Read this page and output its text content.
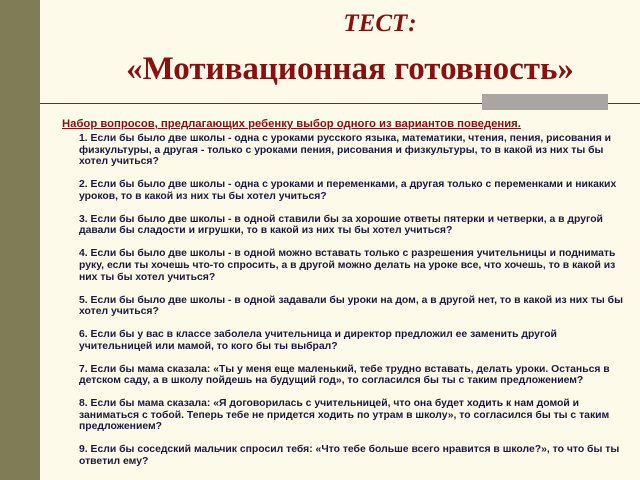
ТЕСТ:
«Мотивационная готовность»

Набор вопросов, предлагающих ребенку выбор одного из вариантов поведения.

1. Если бы было две школы - одна с уроками русского языка, математики, чтения, пения, рисования и физкультуры, а другая - только с уроками пения, рисования и физкультуры, то в какой из них ты бы хотел учиться?
2. Если бы было две школы - одна с уроками и переменками, а другая только с переменками и никаких уроков, то в какой из них ты бы хотел учиться?
3. Если бы было две школы - в одной ставили бы за хорошие ответы пятерки и четверки, а в другой давали бы сладости и игрушки, то в какой из них ты бы хотел учиться?
4. Если бы было две школы - в одной можно вставать только с разрешения учительницы и поднимать руку, если ты хочешь что-то спросить, а в другой можно делать на уроке все, что хочешь, то в какой из них ты бы хотел учиться?
5. Если бы было две школы - в одной задавали бы уроки на дом, а в другой нет, то в какой из них ты бы хотел учиться?
6. Если бы у вас в классе заболела учительница и директор предложил ее заменить другой учительницей или мамой, то кого бы ты выбрал?
7. Если бы мама сказала: «Ты у меня еще маленький, тебе трудно вставать, делать уроки. Останься в детском саду, а в школу пойдешь на будущий год», то согласился бы ты с таким предложением?
8. Если бы мама сказала: «Я договорилась с учительницей, что она будет ходить к нам домой и заниматься с тобой. Теперь тебе не придется ходить по утрам в школу», то согласился бы ты с таким предложением?
9. Если бы соседский мальчик спросил тебя: «Что тебе больше всего нравится в школе?», то что бы ты ответил ему?
